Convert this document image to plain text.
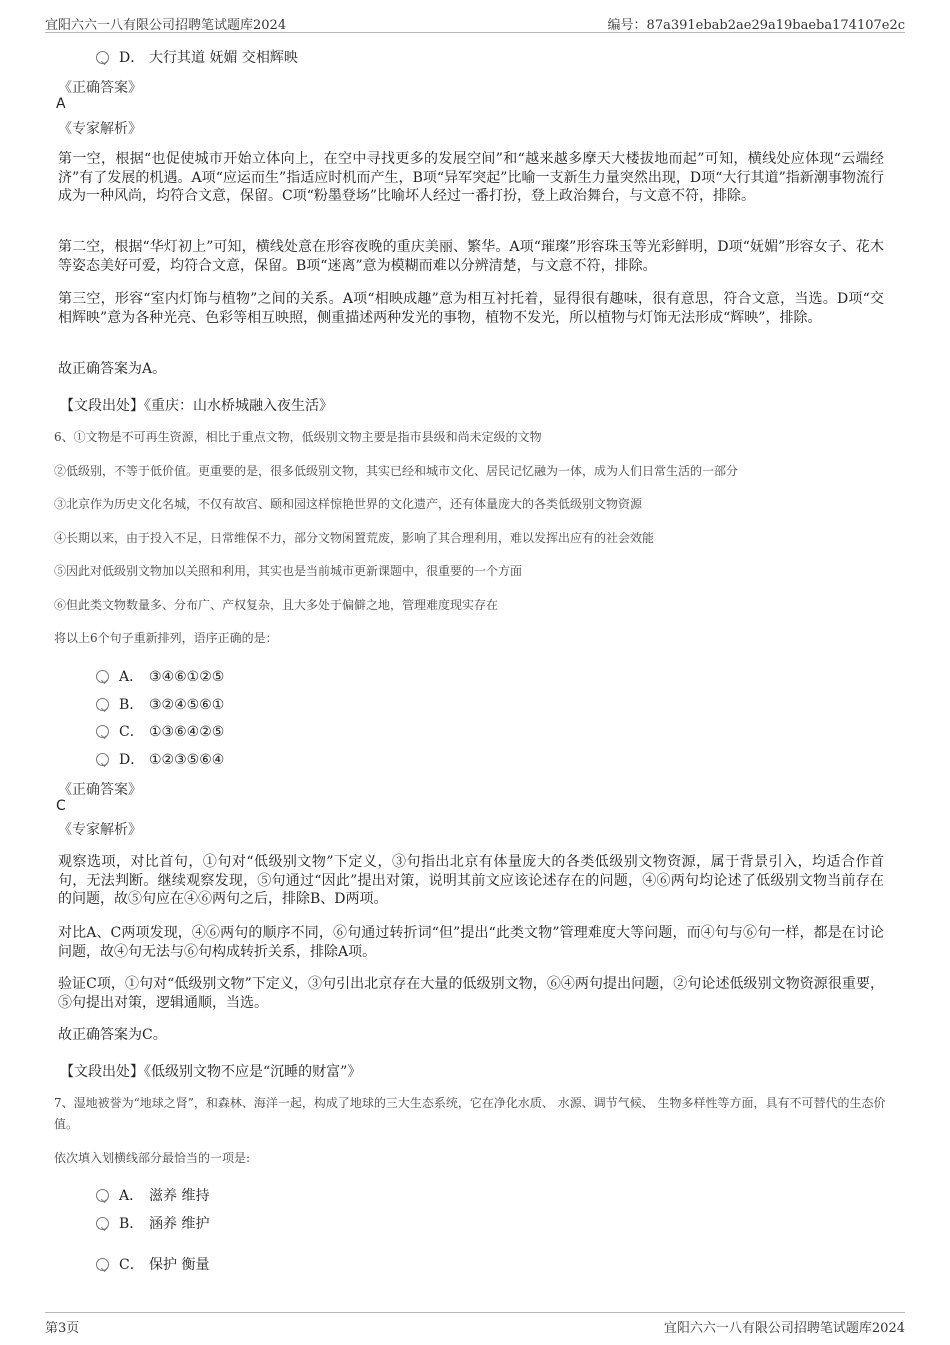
宜阳六六一八有限公司招聘笔试题库2024	编号：87a391ebab2ae29a19baeba174107e2c
D． 大行其道 妩媚 交相辉映
《正确答案》
A
《专家解析》
第一空，根据“也促使城市开始立体向上，在空中寻找更多的发展空间”和“越来越多摩天大楼拔地而起”可知，横线处应体现“云端经济”有了发展的机遇。A项“应运而生”指适应时机而产生，B项“异军突起”比喻一支新生力量突然出现，D项“大行其道”指新潮事物流行成为一种风尚，均符合文意，保留。C项“粉墨登场”比喻坏人经过一番打扮，登上政治舞台，与文意不符，排除。
第二空，根据“华灯初上”可知，横线处意在形容夜晚的重庆美丽、繁华。A项“璀璨”形容珠玉等光彩鲜明，D项“妩媚”形容女子、花木等姿态美好可爱，均符合文意，保留。B项“迷离”意为模糊而难以分辨清楚，与文意不符，排除。
第三空，形容“室内灯饰与植物”之间的关系。A项“相映成趣”意为相互衬托着，显得很有趣味，很有意思，符合文意，当选。D项“交相辉映”意为各种光亮、色彩等相互映照，侧重描述两种发光的事物，植物不发光，所以植物与灯饰无法形成“辉映”，排除。
故正确答案为A。
【文段出处】《重庆：山水桥城融入夜生活》
6、①文物是不可再生资源，相比于重点文物，低级别文物主要是指市县级和尚未定级的文物
②低级别，不等于低价值。更重要的是，很多低级别文物，其实已经和城市文化、居民记忆融为一体，成为人们日常生活的一部分
③北京作为历史文化名城，不仅有故宫、颐和园这样惊艳世界的文化遗产，还有体量庞大的各类低级别文物资源
④长期以来，由于投入不足，日常维保不力，部分文物闲置荒废，影响了其合理利用，难以发挥出应有的社会效能
⑤因此对低级别文物加以关照和利用，其实也是当前城市更新课题中，很重要的一个方面
⑥但此类文物数量多、分布广、产权复杂，且大多处于偏僻之地，管理难度现实存在
将以上6个句子重新排列，语序正确的是：
A． ③④⑥①②⑤
B． ③②④⑤⑥①
C． ①③⑥④②⑤
D． ①②③⑤⑥④
《正确答案》
C
《专家解析》
观察选项，对比首句，①句对“低级别文物”下定义，③句指出北京有体量庞大的各类低级别文物资源，属于背景引入，均适合作首句，无法判断。继续观察发现，⑤句通过“因此”提出对策，说明其前文应该论述存在的问题，④⑥两句均论述了低级别文物当前存在的问题，故⑤句应在④⑥两句之后，排除B、D两项。
对比A、C两项发现，④⑥两句的顺序不同，⑥句通过转折词“但”提出“此类文物”管理难度大等问题，而④句与⑥句一样，都是在讨论问题，故④句无法与⑥句构成转折关系，排除A项。
验证C项，①句对“低级别文物”下定义，③句引出北京存在大量的低级别文物，⑥④两句提出问题，②句论述低级别文物资源很重要，⑤句提出对策，逻辑通顺，当选。
故正确答案为C。
【文段出处】《低级别文物不应是“沉睡的财富”》
7、湿地被誉为“地球之肾”，和森林、海洋一起，构成了地球的三大生态系统，它在净化水质、 水源、调节气候、 生物多样性等方面，具有不可替代的生态价值。
依次填入划横线部分最恰当的一项是:
A． 滋养 维持
B． 涵养 维护
C． 保护 衡量
第3页	宜阳六六一八有限公司招聘笔试题库2024
